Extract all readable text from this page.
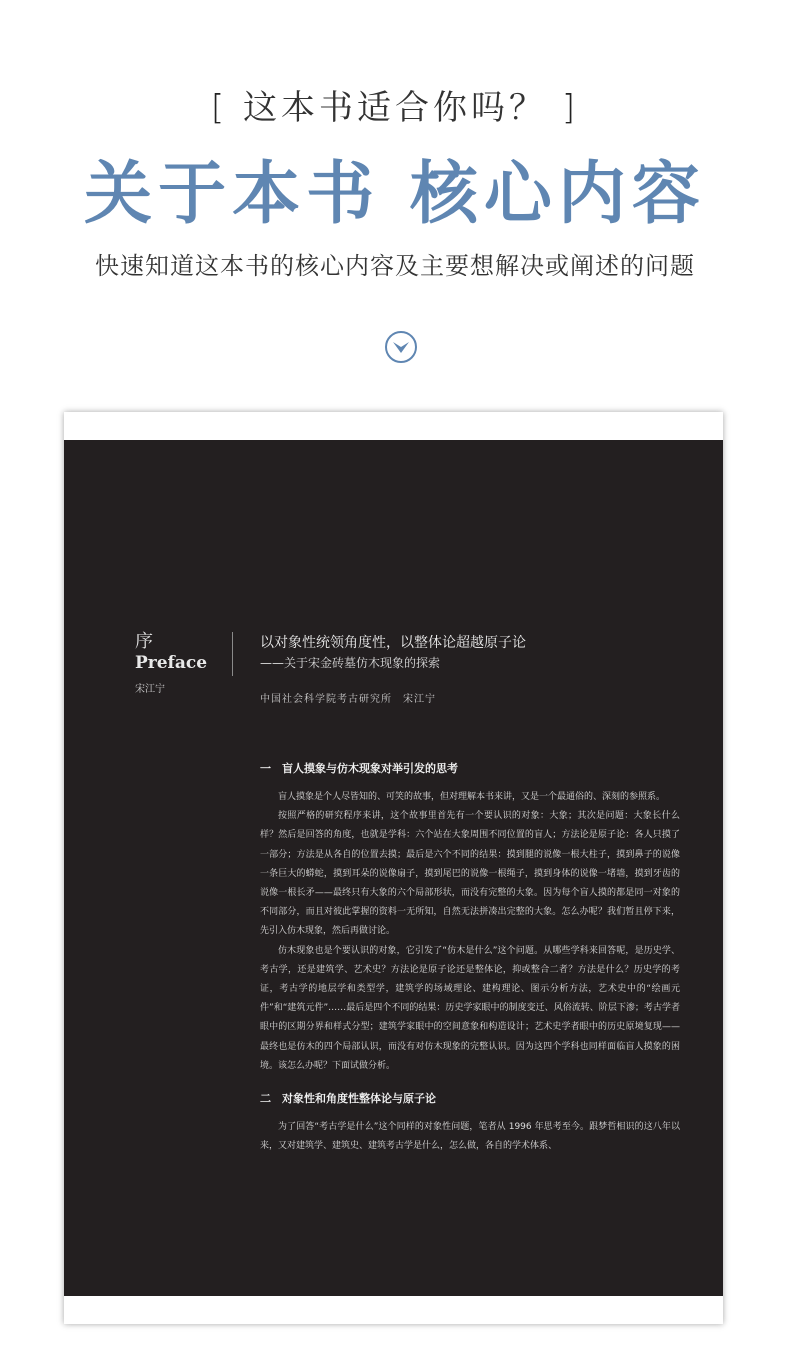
[ 这本书适合你吗？ ]
关于本书 核心内容
快速知道这本书的核心内容及主要想解决或阐述的问题
序
Preface
宋江宁
以对象性统领角度性，以整体论超越原子论
——关于宋金砖墓仿木现象的探索
中国社会科学院考古研究所　宋江宁
一　盲人摸象与仿木现象对举引发的思考

盲人摸象是个人尽皆知的、可笑的故事，但对理解本书来讲，又是一个最通俗的、深刻的参照系。

按照严格的研究程序来讲，这个故事里首先有一个要认识的对象：大象；其次是问题：大象长什么样？然后是回答的角度，也就是学科：六个站在大象周围不同位置的盲人；方法论是原子论：各人只摸了一部分；方法是从各自的位置去摸；最后是六个不同的结果：摸到腿的说像一根大柱子，摸到鼻子的说像一条巨大的蟒蛇，摸到耳朵的说像扇子，摸到尾巴的说像一根绳子，摸到身体的说像一堵墙，摸到牙齿的说像一根长矛——最终只有大象的六个局部形状，而没有完整的大象。因为每个盲人摸的都是同一对象的不同部分，而且对彼此掌握的资料一无所知，自然无法拼凑出完整的大象。怎么办呢？我们暂且停下来，先引入仿木现象，然后再做讨论。

仿木现象也是个要认识的对象，它引发了“仿木是什么”这个问题。从哪些学科来回答呢，是历史学、考古学，还是建筑学、艺术史？方法论是原子论还是整体论，抑或整合二者？方法是什么？历史学的考证，考古学的地层学和类型学，建筑学的场域理论、建构理论、图示分析方法，艺术史中的“绘画元件”和“建筑元件”……最后是四个不同的结果：历史学家眼中的制度变迁、风俗流转、阶层下渗；考古学者眼中的区期分界和样式分型；建筑学家眼中的空间意象和构造设计；艺术史学者眼中的历史原境复现——最终也是仿木的四个局部认识，而没有对仿木现象的完整认识。因为这四个学科也同样面临盲人摸象的困境。该怎么办呢？下面试做分析。

二　对象性和角度性整体论与原子论

为了回答“考古学是什么”这个同样的对象性问题，笔者从 1996 年思考至今。跟梦哲相识的这八年以来，又对建筑学、建筑史、建筑考古学是什么，怎么做，各自的学术体系、
